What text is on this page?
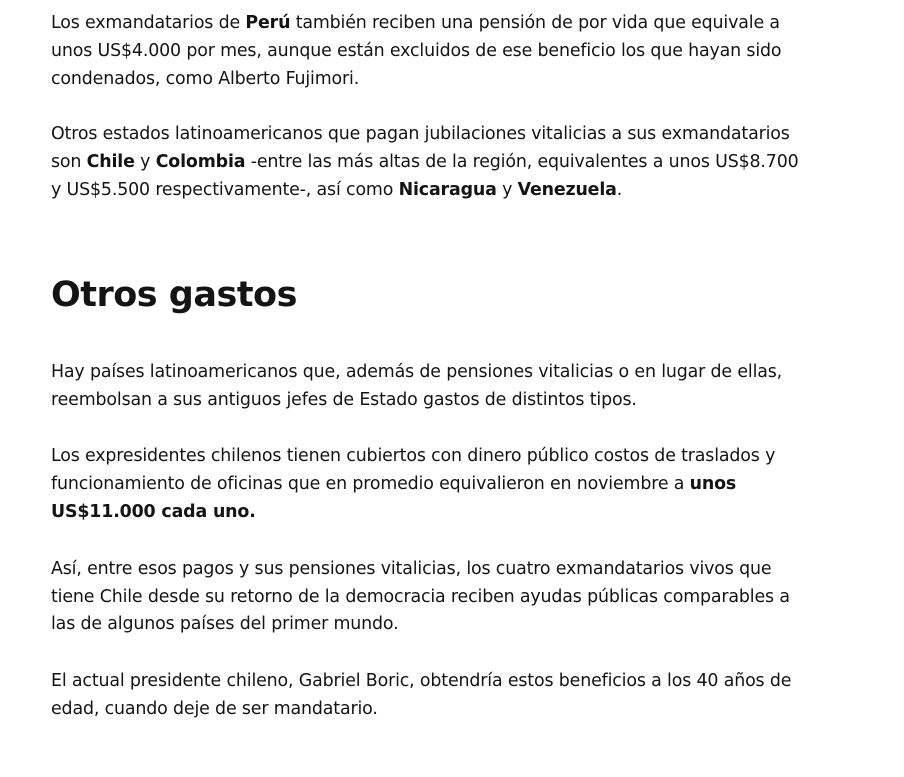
Los exmandatarios de Perú también reciben una pensión de por vida que equivale a unos US$4.000 por mes, aunque están excluidos de ese beneficio los que hayan sido condenados, como Alberto Fujimori.

Otros estados latinoamericanos que pagan jubilaciones vitalicias a sus exmandatarios son Chile y Colombia -entre las más altas de la región, equivalentes a unos US$8.700 y US$5.500 respectivamente-, así como Nicaragua y Venezuela.

Otros gastos

Hay países latinoamericanos que, además de pensiones vitalicias o en lugar de ellas, reembolsan a sus antiguos jefes de Estado gastos de distintos tipos.

Los expresidentes chilenos tienen cubiertos con dinero público costos de traslados y funcionamiento de oficinas que en promedio equivalieron en noviembre a unos US$11.000 cada uno.

Así, entre esos pagos y sus pensiones vitalicias, los cuatro exmandatarios vivos que tiene Chile desde su retorno de la democracia reciben ayudas públicas comparables a las de algunos países del primer mundo.

El actual presidente chileno, Gabriel Boric, obtendría estos beneficios a los 40 años de edad, cuando deje de ser mandatario.
